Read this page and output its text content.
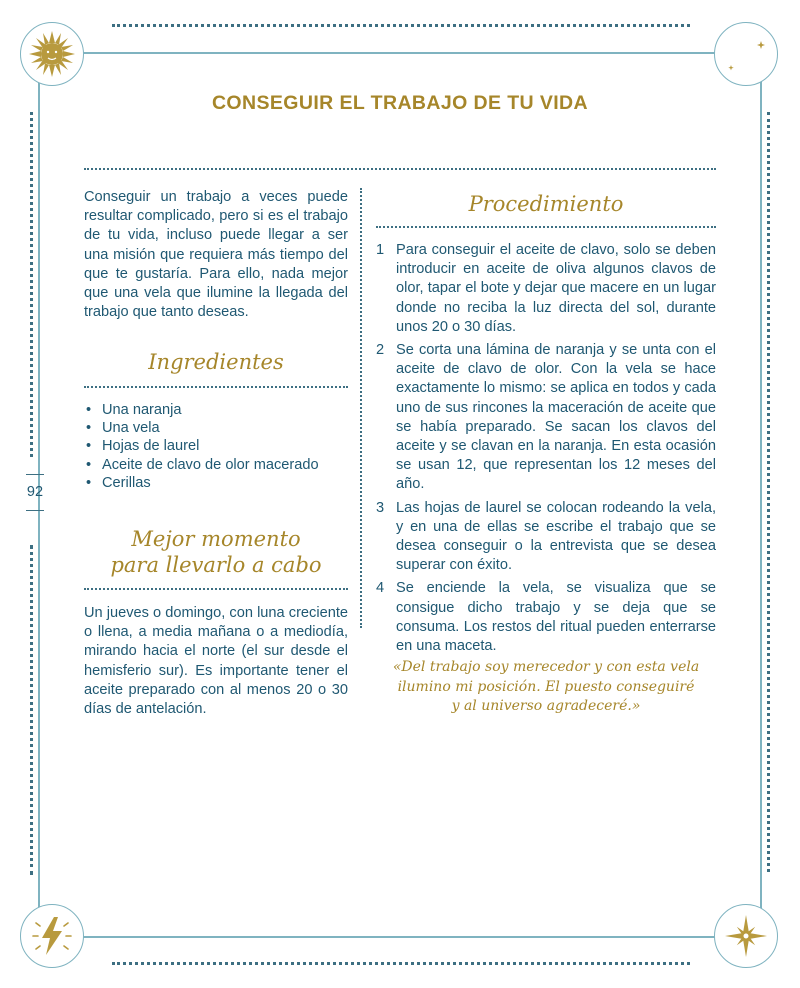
92
CONSEGUIR EL TRABAJO DE TU VIDA

Conseguir un trabajo a veces puede resultar complicado, pero si es el trabajo de tu vida, incluso puede llegar a ser una misión que requiera más tiempo del que te gustaría. Para ello, nada mejor que una vela que ilumine la llegada del trabajo que tanto deseas.

Ingredientes
• Una naranja
• Una vela
• Hojas de laurel
• Aceite de clavo de olor macerado
• Cerillas
Mejor momento
para llevarlo a cabo

Un jueves o domingo, con luna creciente o llena, a media mañana o a mediodía, mirando hacia el norte (el sur desde el hemisferio sur). Es importante tener el aceite preparado con al menos 20 o 30 días de antelación.

Procedimiento
1 Para conseguir el aceite de clavo, solo se deben introducir en aceite de oliva algunos clavos de olor, tapar el bote y dejar que macere en un lugar donde no reciba la luz directa del sol, durante unos 20 o 30 días.
2 Se corta una lámina de naranja y se unta con el aceite de clavo de olor. Con la vela se hace exactamente lo mismo: se aplica en todos y cada uno de sus rincones la maceración de aceite que se había preparado. Se sacan los clavos del aceite y se clavan en la naranja. En esta ocasión se usan 12, que representan los 12 meses del año.
3 Las hojas de laurel se colocan rodeando la vela, y en una de ellas se escribe el trabajo que se desea conseguir o la entrevista que se desea superar con éxito.
4 Se enciende la vela, se visualiza que se consigue dicho trabajo y se deja que se consuma. Los restos del ritual pueden enterrarse en una maceta.
«Del trabajo soy merecedor y con esta vela
ilumino mi posición. El puesto conseguiré
y al universo agradeceré.»
